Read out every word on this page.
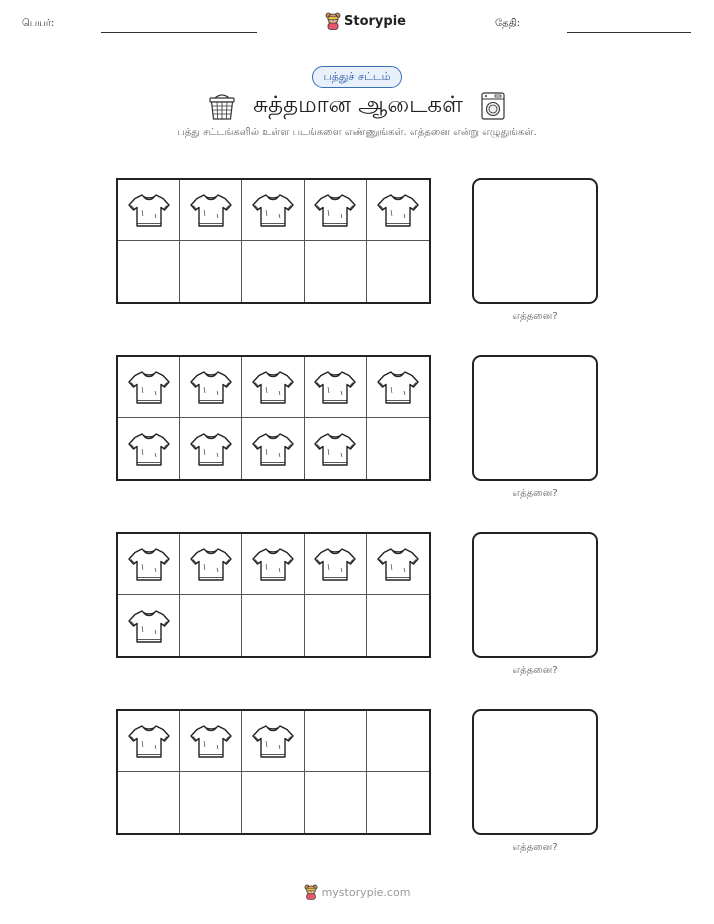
பெயர்:	Storypie	தேதி:
பத்துச் சட்டம்
சுத்தமான ஆடைகள்
பத்து சட்டங்களில் உள்ள படங்களை எண்ணுங்கள். எத்தனை என்று எழுதுங்கள்.
எத்தனை?
எத்தனை?
எத்தனை?
எத்தனை?
mystorypie.com
